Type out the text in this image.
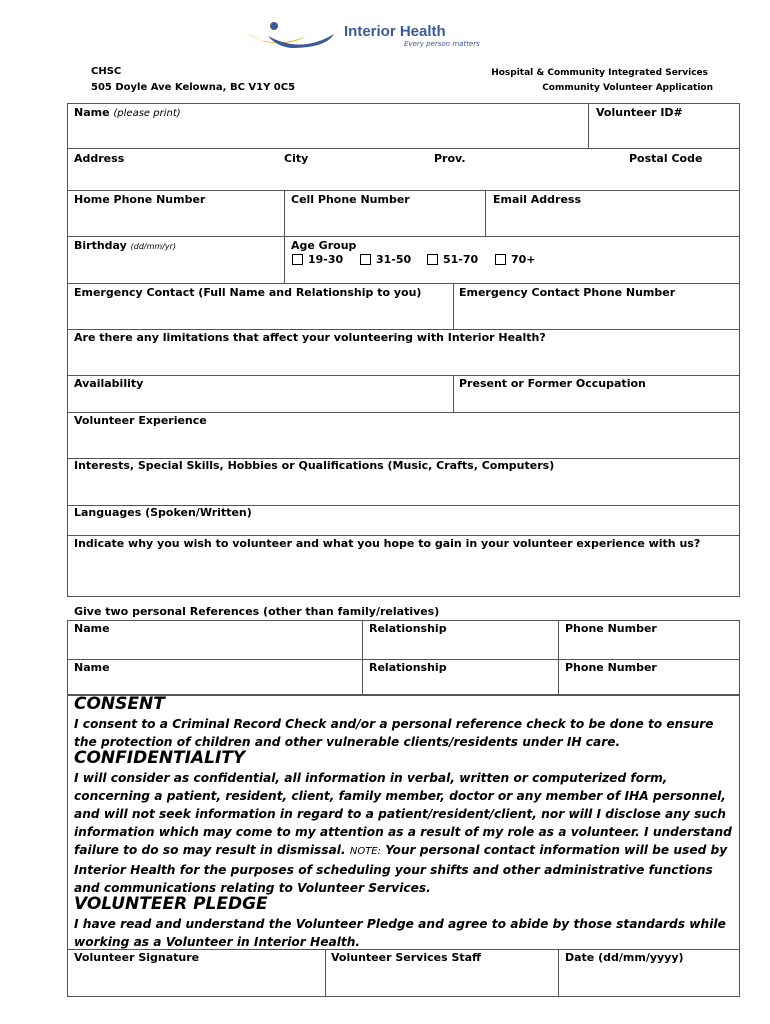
Interior Health
Every person matters
CHSC
505 Doyle Ave Kelowna, BC V1Y 0C5
Hospital & Community Integrated Services
Community Volunteer Application
Name (please print)	Volunteer ID#
Address	City	Prov.	Postal Code
Home Phone Number	Cell Phone Number	Email Address
Birthday (dd/mm/yr)	Age Group
19-30	31-50	51-70	70+
Emergency Contact (Full Name and Relationship to you)	Emergency Contact Phone Number
Are there any limitations that affect your volunteering with Interior Health?
Availability	Present or Former Occupation
Volunteer Experience
Interests, Special Skills, Hobbies or Qualifications (Music, Crafts, Computers)
Languages (Spoken/Written)
Indicate why you wish to volunteer and what you hope to gain in your volunteer experience with us?
Give two personal References (other than family/relatives)
Name	Relationship	Phone Number
Name	Relationship	Phone Number
CONSENT
I consent to a Criminal Record Check and/or a personal reference check to be done to ensure the protection of children and other vulnerable clients/residents under IH care.
CONFIDENTIALITY
I will consider as confidential, all information in verbal, written or computerized form, concerning a patient, resident, client, family member, doctor or any member of IHA personnel, and will not seek information in regard to a patient/resident/client, nor will I disclose any such information which may come to my attention as a result of my role as a volunteer. I understand failure to do so may result in dismissal. NOTE: Your personal contact information will be used by Interior Health for the purposes of scheduling your shifts and other administrative functions and communications relating to Volunteer Services.
VOLUNTEER PLEDGE
I have read and understand the Volunteer Pledge and agree to abide by those standards while working as a Volunteer in Interior Health.
Volunteer Signature	Volunteer Services Staff	Date (dd/mm/yyyy)
